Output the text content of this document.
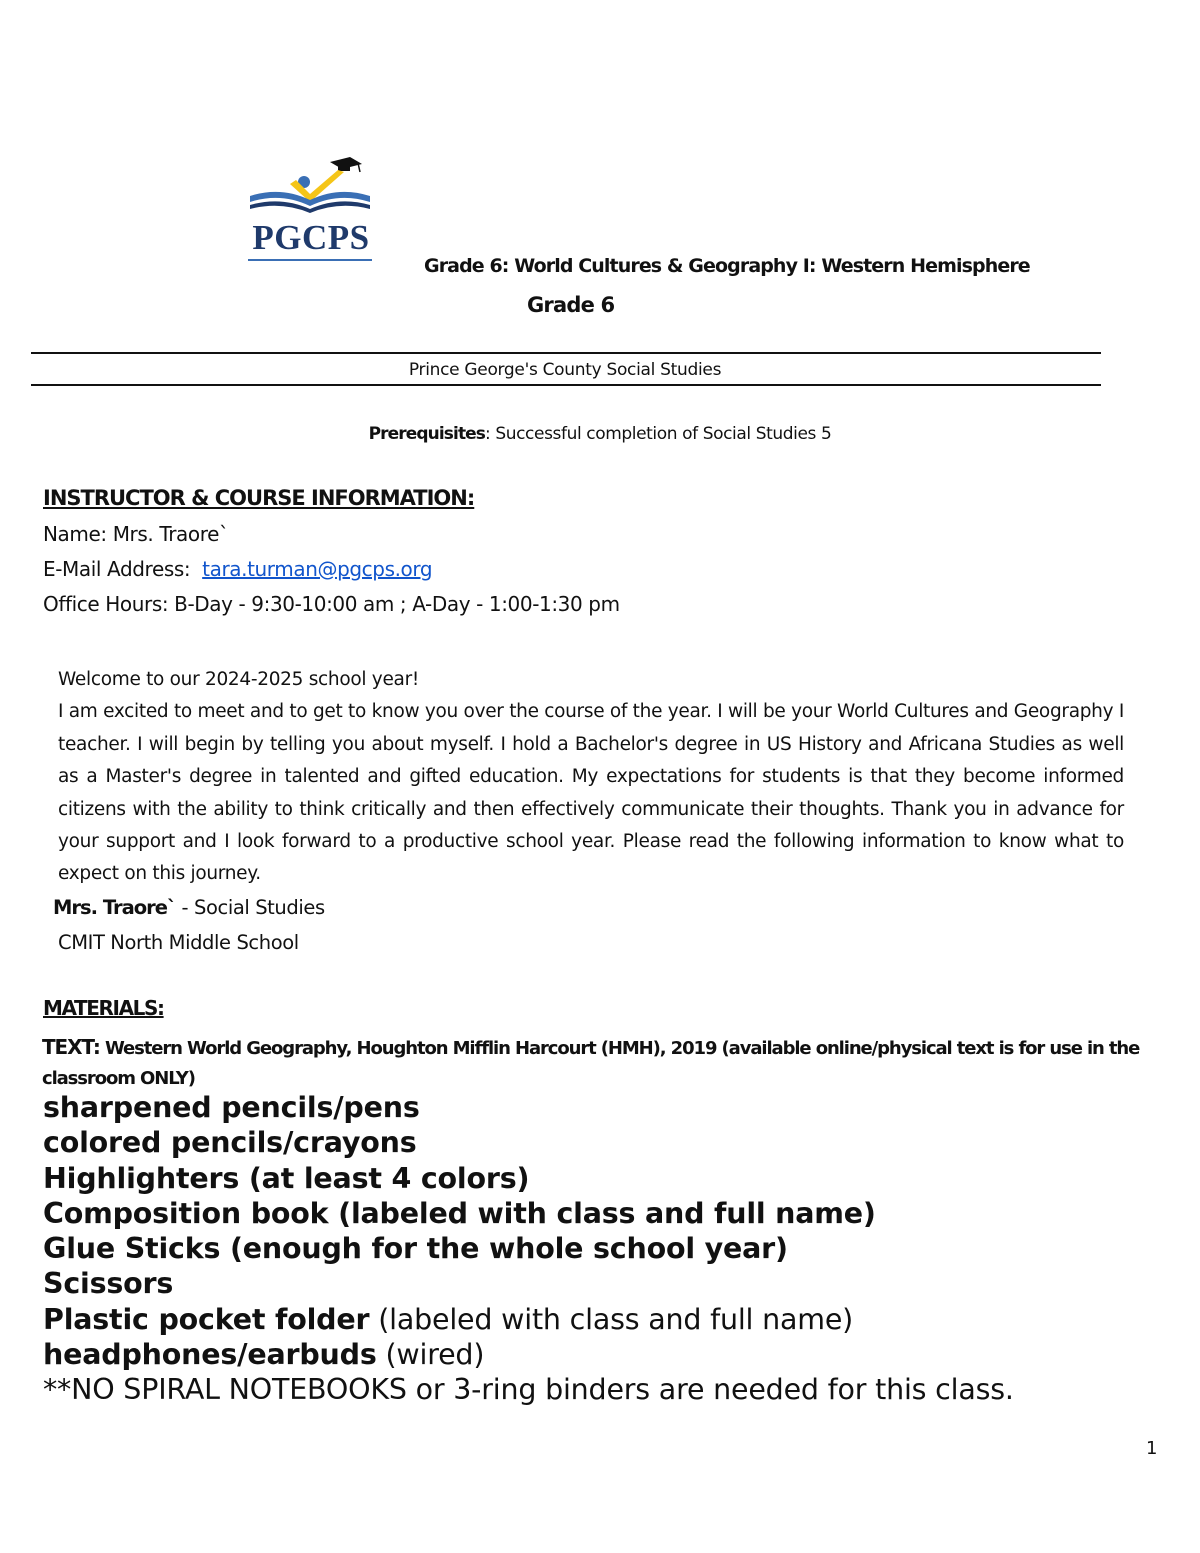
PGCPS
Grade 6: World Cultures & Geography I: Western Hemisphere
Grade 6
Prince George's County Social Studies
Prerequisites: Successful completion of Social Studies 5
INSTRUCTOR & COURSE INFORMATION:
Name: Mrs. Traore`
E-Mail Address: tara.turman@pgcps.org
Office Hours: B-Day - 9:30-10:00 am ; A-Day - 1:00-1:30 pm

Welcome to our 2024-2025 school year!

I am excited to meet and to get to know you over the course of the year. I will be your World Cultures and Geography I teacher. I will begin by telling you about myself. I hold a Bachelor's degree in US History and Africana Studies as well as a Master's degree in talented and gifted education. My expectations for students is that they become informed citizens with the ability to think critically and then effectively communicate their thoughts. Thank you in advance for your support and I look forward to a productive school year. Please read the following information to know what to expect on this journey.

Mrs. Traore` - Social Studies
CMIT North Middle School
MATERIALS:
TEXT: Western World Geography, Houghton Mifflin Harcourt (HMH), 2019 (available online/physical text is for use in the classroom ONLY)
sharpened pencils/pens
colored pencils/crayons
Highlighters (at least 4 colors)
Composition book (labeled with class and full name)
Glue Sticks (enough for the whole school year)
Scissors
Plastic pocket folder (labeled with class and full name)
headphones/earbuds (wired)
**NO SPIRAL NOTEBOOKS or 3-ring binders are needed for this class.
1
